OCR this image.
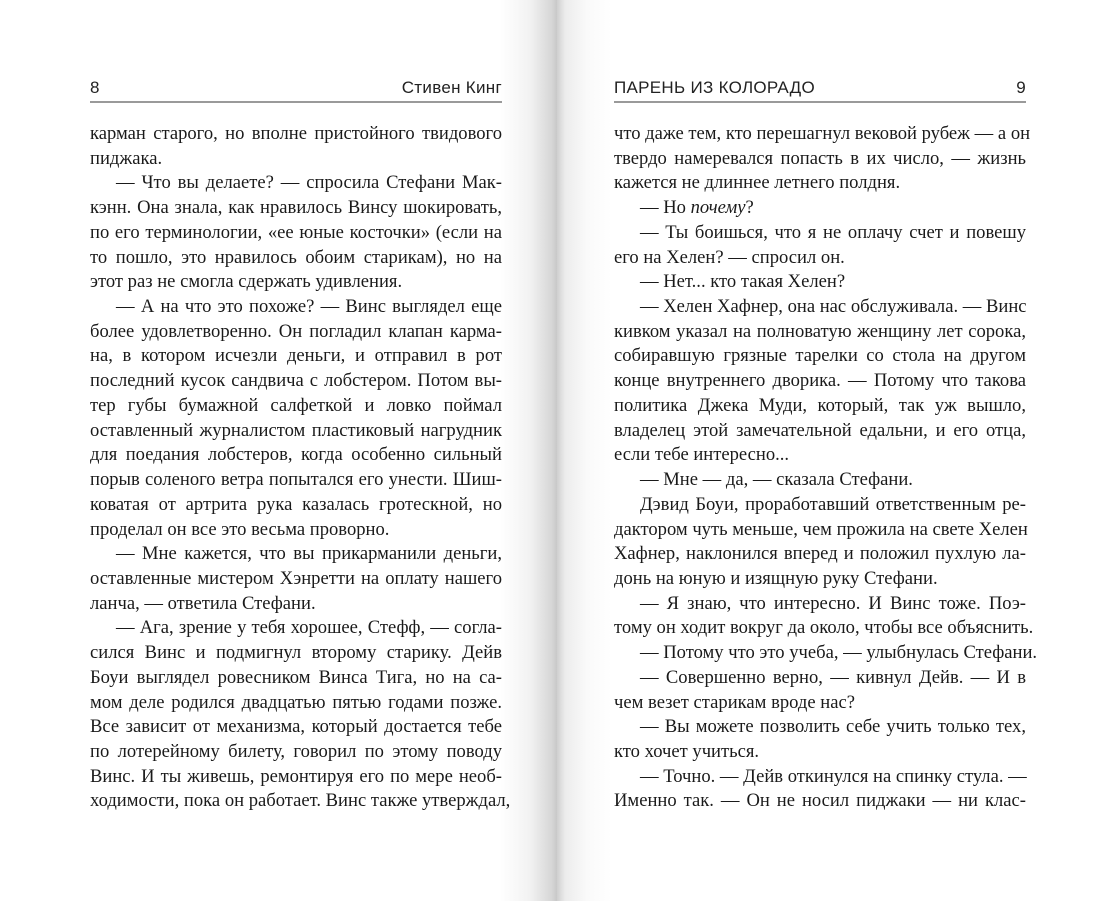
8	Стивен Кинг
карман старого, но вполне пристойного твидового
пиджака.
— Что вы делаете? — спросила Стефани Мак-
кэнн. Она знала, как нравилось Винсу шокировать,
по его терминологии, «ее юные косточки» (если на
то пошло, это нравилось обоим старикам), но на
этот раз не смогла сдержать удивления.
— А на что это похоже? — Винс выглядел еще
более удовлетворенно. Он погладил клапан карма-
на, в котором исчезли деньги, и отправил в рот
последний кусок сандвича с лобстером. Потом вы-
тер губы бумажной салфеткой и ловко поймал
оставленный журналистом пластиковый нагрудник
для поедания лобстеров, когда особенно сильный
порыв соленого ветра попытался его унести. Шиш-
коватая от артрита рука казалась гротескной, но
проделал он все это весьма проворно.
— Мне кажется, что вы прикарманили деньги,
оставленные мистером Хэнретти на оплату нашего
ланча, — ответила Стефани.
— Ага, зрение у тебя хорошее, Стефф, — согла-
сился Винс и подмигнул второму старику. Дейв
Боуи выглядел ровесником Винса Тига, но на са-
мом деле родился двадцатью пятью годами позже.
Все зависит от механизма, который достается тебе
по лотерейному билету, говорил по этому поводу
Винс. И ты живешь, ремонтируя его по мере необ-
ходимости, пока он работает. Винс также утверждал,
ПАРЕНЬ ИЗ КОЛОРАДО	9
что даже тем, кто перешагнул вековой рубеж — а он
твердо намеревался попасть в их число, — жизнь
кажется не длиннее летнего полдня.
— Но почему?
— Ты боишься, что я не оплачу счет и повешу
его на Хелен? — спросил он.
— Нет... кто такая Хелен?
— Хелен Хафнер, она нас обслуживала. — Винс
кивком указал на полноватую женщину лет сорока,
собиравшую грязные тарелки со стола на другом
конце внутреннего дворика. — Потому что такова
политика Джека Муди, который, так уж вышло,
владелец этой замечательной едальни, и его отца,
если тебе интересно...
— Мне — да, — сказала Стефани.
Дэвид Боуи, проработавший ответственным ре-
дактором чуть меньше, чем прожила на свете Хелен
Хафнер, наклонился вперед и положил пухлую ла-
донь на юную и изящную руку Стефани.
— Я знаю, что интересно. И Винс тоже. Поэ-
тому он ходит вокруг да около, чтобы все объяснить.
— Потому что это учеба, — улыбнулась Стефани.
— Совершенно верно, — кивнул Дейв. — И в
чем везет старикам вроде нас?
— Вы можете позволить себе учить только тех,
кто хочет учиться.
— Точно. — Дейв откинулся на спинку стула. —
Именно так. — Он не носил пиджаки — ни клас-
